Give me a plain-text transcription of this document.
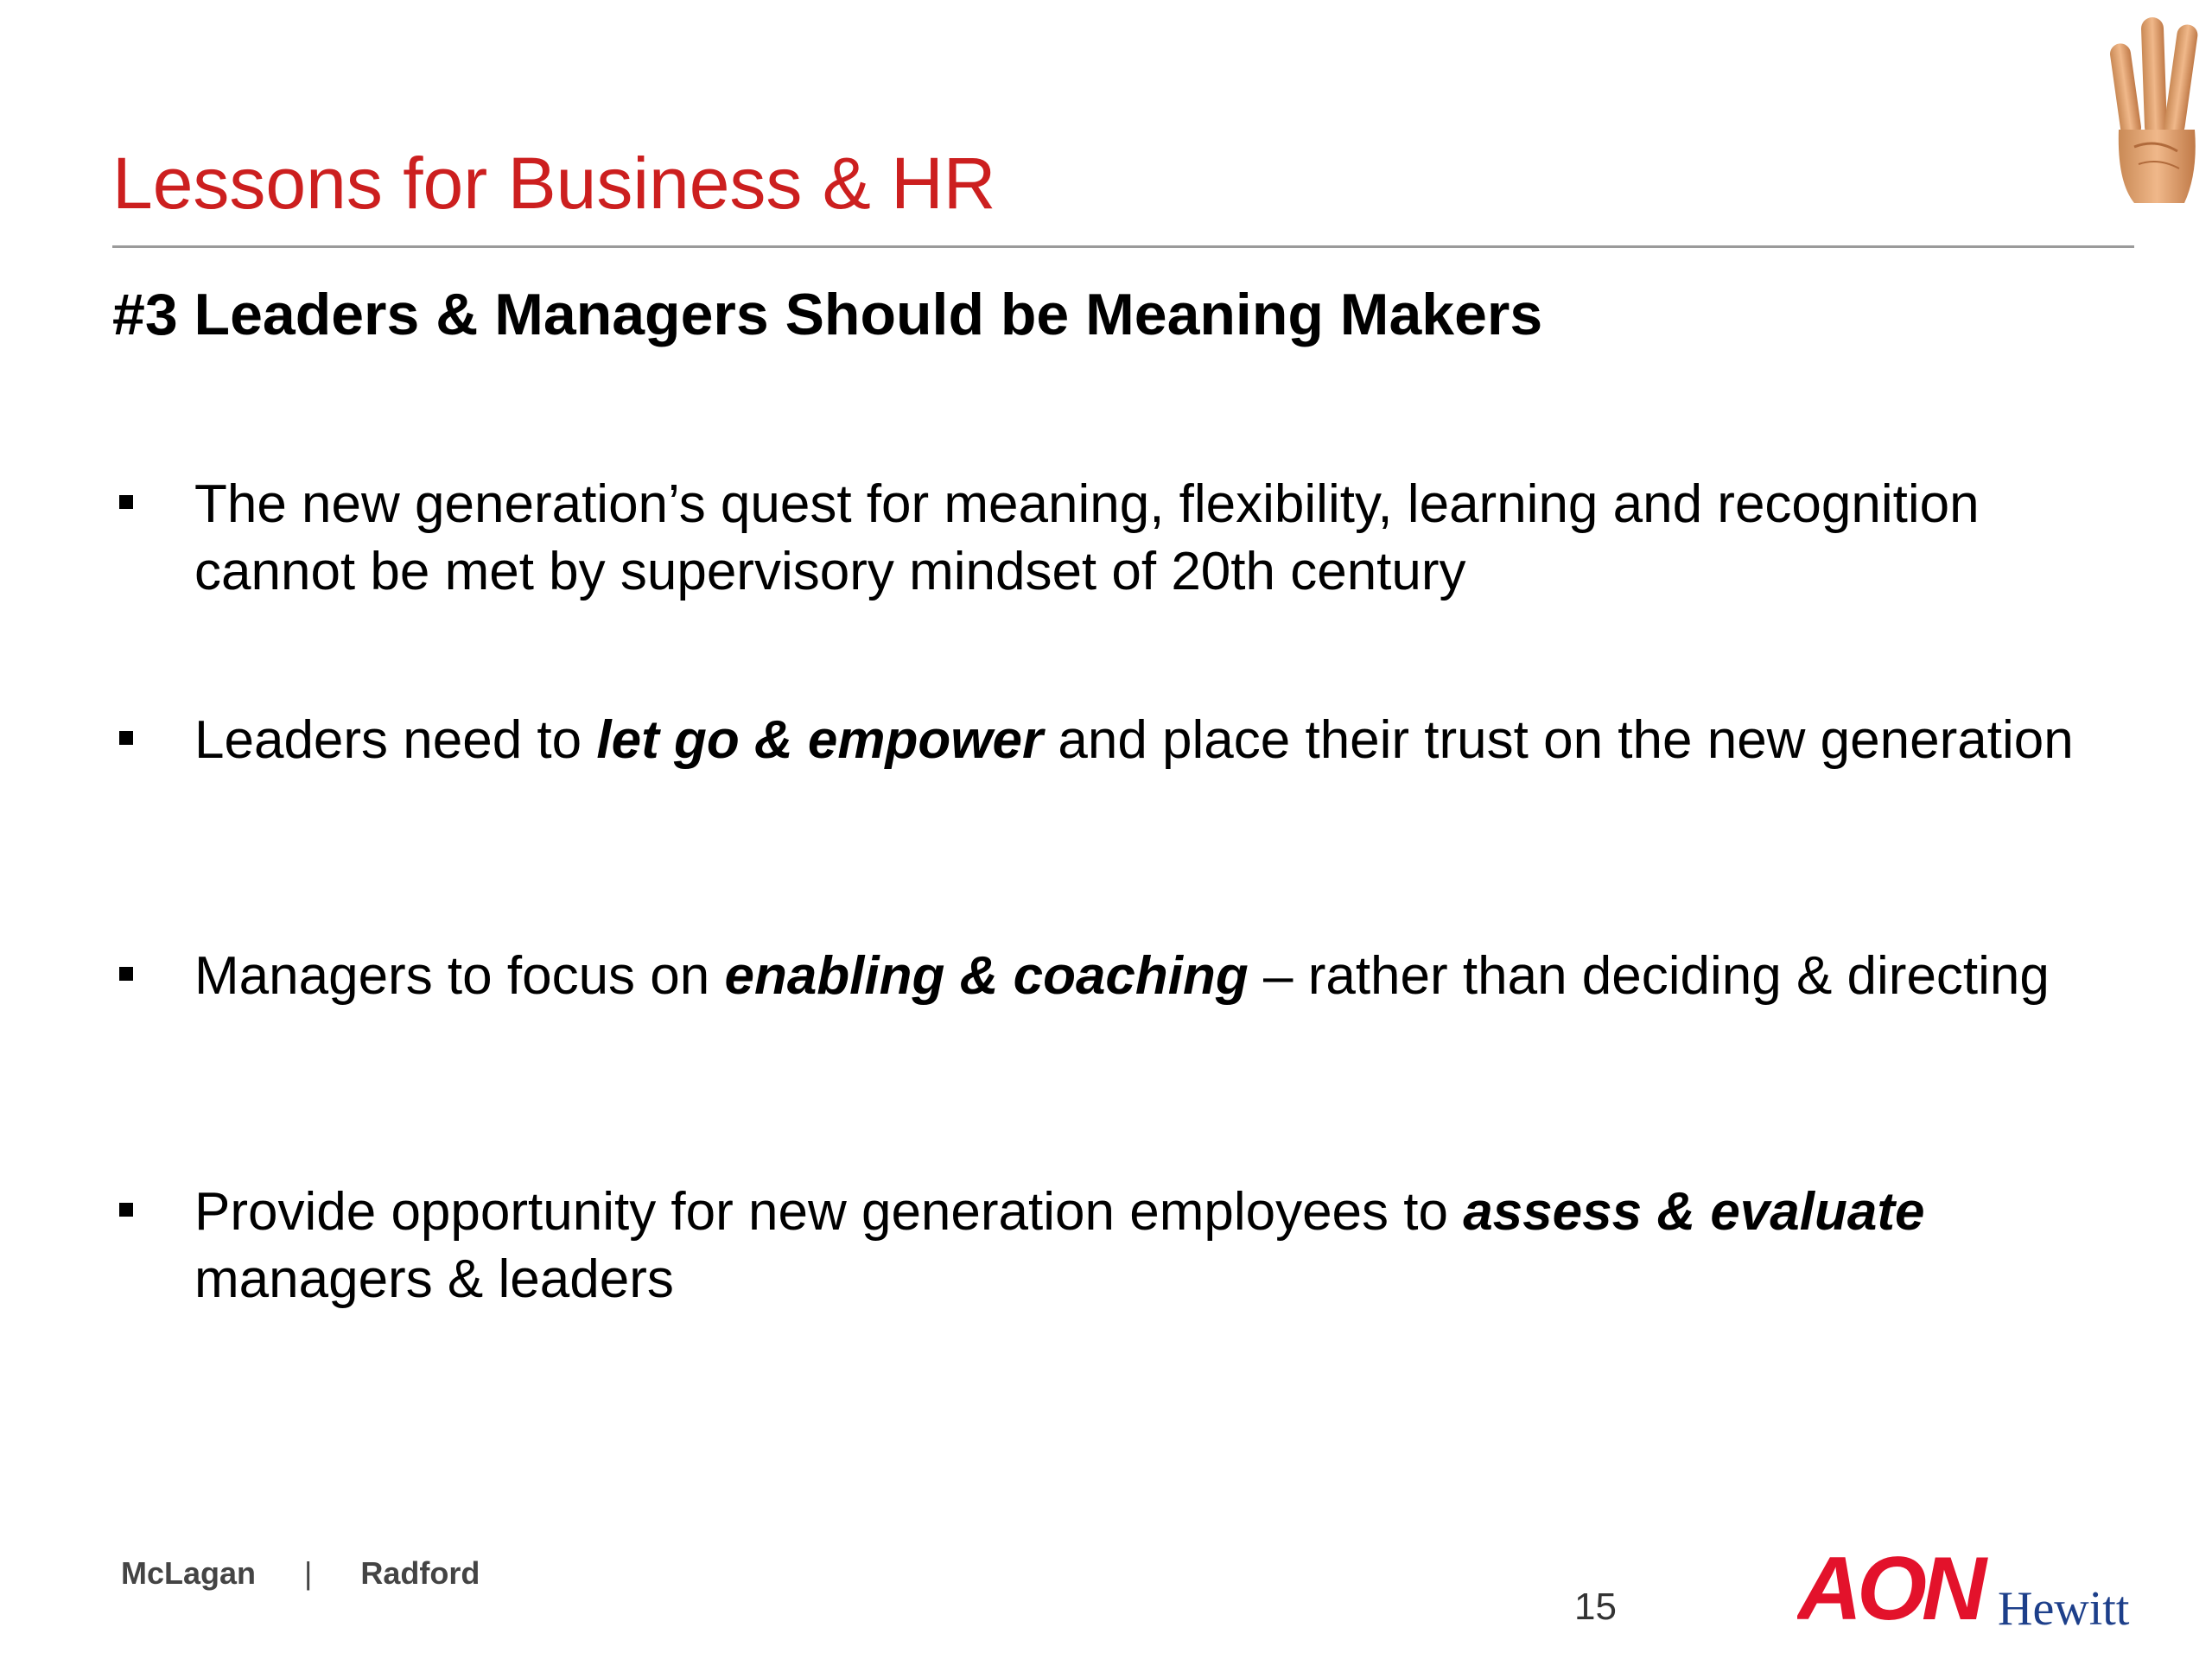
Lessons for Business & HR
#3 Leaders & Managers Should be Meaning Makers
The new generation’s quest for meaning, flexibility, learning and recognition cannot be met by supervisory mindset of 20th century
Leaders need to let go & empower and place their trust on the new generation
Managers to focus on enabling & coaching – rather than deciding & directing
Provide opportunity for new generation employees to assess & evaluate managers & leaders
McLagan | Radford
15 AON Hewitt
